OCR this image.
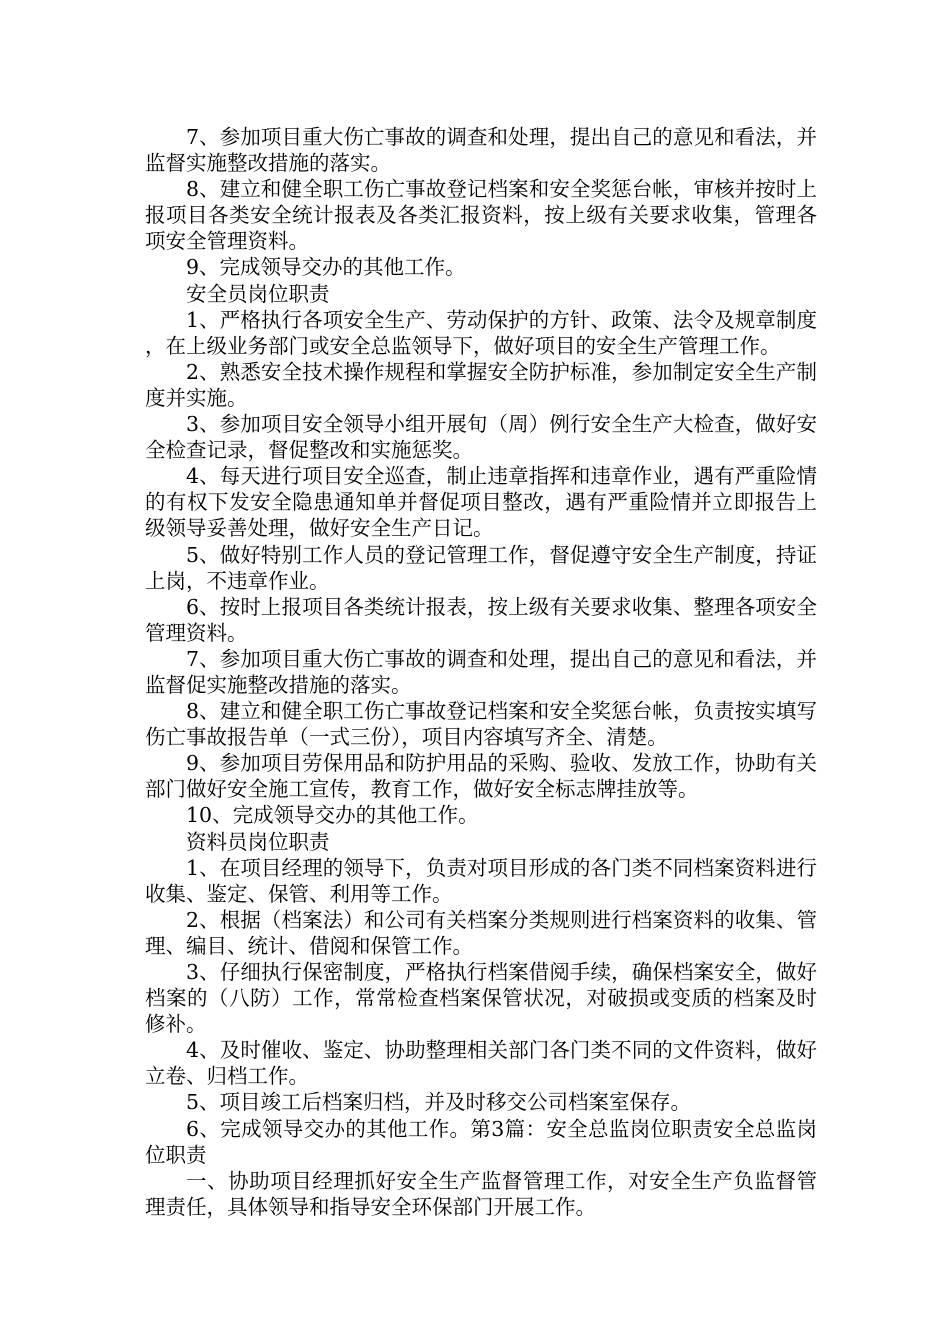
7、参加项目重大伤亡事故的调查和处理，提出自己的意见和看法，并监督实施整改措施的落实。

8、建立和健全职工伤亡事故登记档案和安全奖惩台帐，审核并按时上报项目各类安全统计报表及各类汇报资料，按上级有关要求收集，管理各项安全管理资料。

9、完成领导交办的其他工作。

安全员岗位职责

1、严格执行各项安全生产、劳动保护的方针、政策、法令及规章制度，在上级业务部门或安全总监领导下，做好项目的安全生产管理工作。

2、熟悉安全技术操作规程和掌握安全防护标准，参加制定安全生产制度并实施。

3、参加项目安全领导小组开展旬（周）例行安全生产大检查，做好安全检查记录，督促整改和实施惩奖。

4、每天进行项目安全巡查，制止违章指挥和违章作业，遇有严重险情的有权下发安全隐患通知单并督促项目整改，遇有严重险情并立即报告上级领导妥善处理，做好安全生产日记。

5、做好特别工作人员的登记管理工作，督促遵守安全生产制度，持证上岗，不违章作业。

6、按时上报项目各类统计报表，按上级有关要求收集、整理各项安全管理资料。

7、参加项目重大伤亡事故的调查和处理，提出自己的意见和看法，并监督促实施整改措施的落实。

8、建立和健全职工伤亡事故登记档案和安全奖惩台帐，负责按实填写伤亡事故报告单（一式三份），项目内容填写齐全、清楚。

9、参加项目劳保用品和防护用品的采购、验收、发放工作，协助有关部门做好安全施工宣传，教育工作，做好安全标志牌挂放等。

10、完成领导交办的其他工作。

资料员岗位职责

1、在项目经理的领导下，负责对项目形成的各门类不同档案资料进行收集、鉴定、保管、利用等工作。

2、根据（档案法）和公司有关档案分类规则进行档案资料的收集、管理、编目、统计、借阅和保管工作。

3、仔细执行保密制度，严格执行档案借阅手续，确保档案安全，做好档案的（八防）工作，常常检查档案保管状况，对破损或变质的档案及时修补。

4、及时催收、鉴定、协助整理相关部门各门类不同的文件资料，做好立卷、归档工作。

5、项目竣工后档案归档，并及时移交公司档案室保存。

6、完成领导交办的其他工作。第3篇：安全总监岗位职责安全总监岗位职责

一、协助项目经理抓好安全生产监督管理工作，对安全生产负监督管理责任，具体领导和指导安全环保部门开展工作。
